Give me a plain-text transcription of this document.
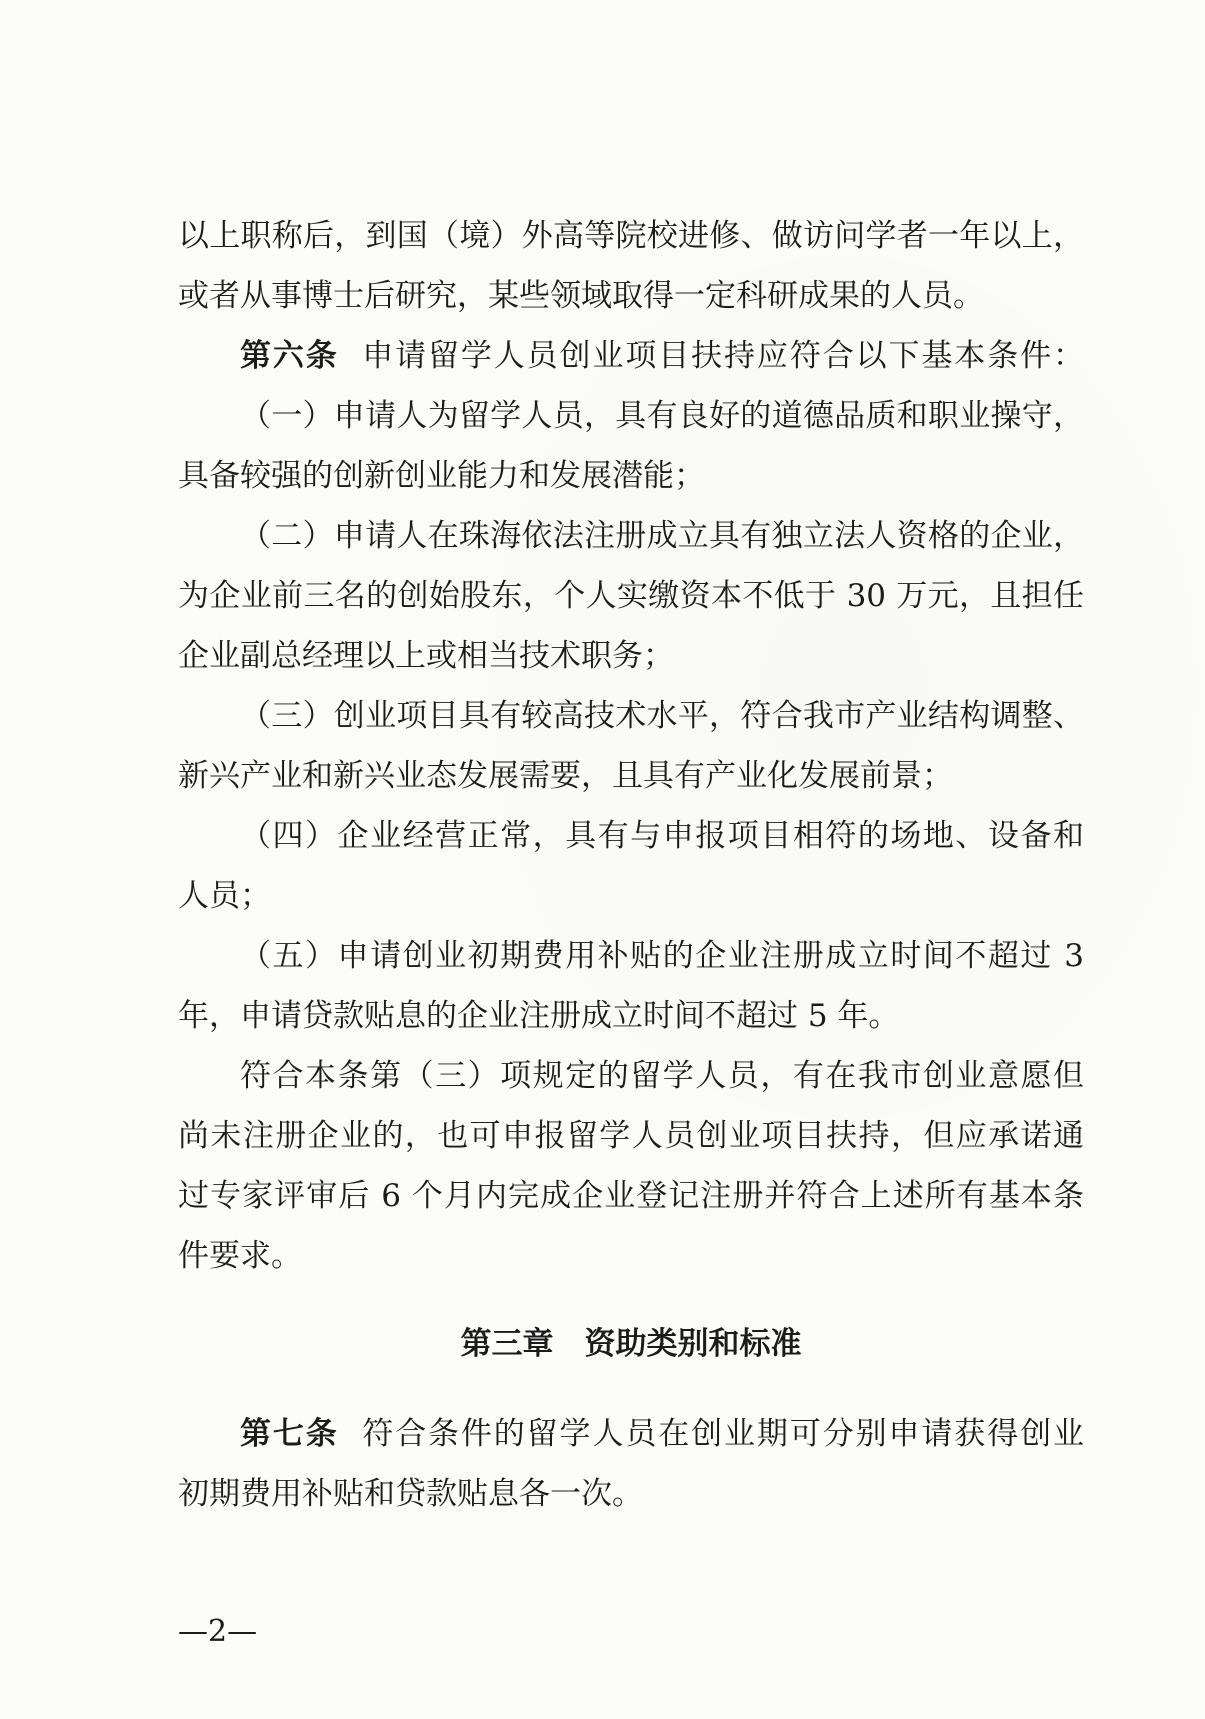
以上职称后，到国（境）外高等院校进修、做访问学者一年以上，
或者从事博士后研究，某些领域取得一定科研成果的人员。
第六条 申请留学人员创业项目扶持应符合以下基本条件：
（一）申请人为留学人员，具有良好的道德品质和职业操守，
具备较强的创新创业能力和发展潜能；
（二）申请人在珠海依法注册成立具有独立法人资格的企业，
为企业前三名的创始股东，个人实缴资本不低于 30 万元，且担任
企业副总经理以上或相当技术职务；
（三）创业项目具有较高技术水平，符合我市产业结构调整、
新兴产业和新兴业态发展需要，且具有产业化发展前景；
（四）企业经营正常，具有与申报项目相符的场地、设备和
人员；
（五）申请创业初期费用补贴的企业注册成立时间不超过 3
年，申请贷款贴息的企业注册成立时间不超过 5 年。
符合本条第（三）项规定的留学人员，有在我市创业意愿但
尚未注册企业的，也可申报留学人员创业项目扶持，但应承诺通
过专家评审后 6 个月内完成企业登记注册并符合上述所有基本条
件要求。
第三章　资助类别和标准
第七条 符合条件的留学人员在创业期可分别申请获得创业
初期费用补贴和贷款贴息各一次。
—2—
